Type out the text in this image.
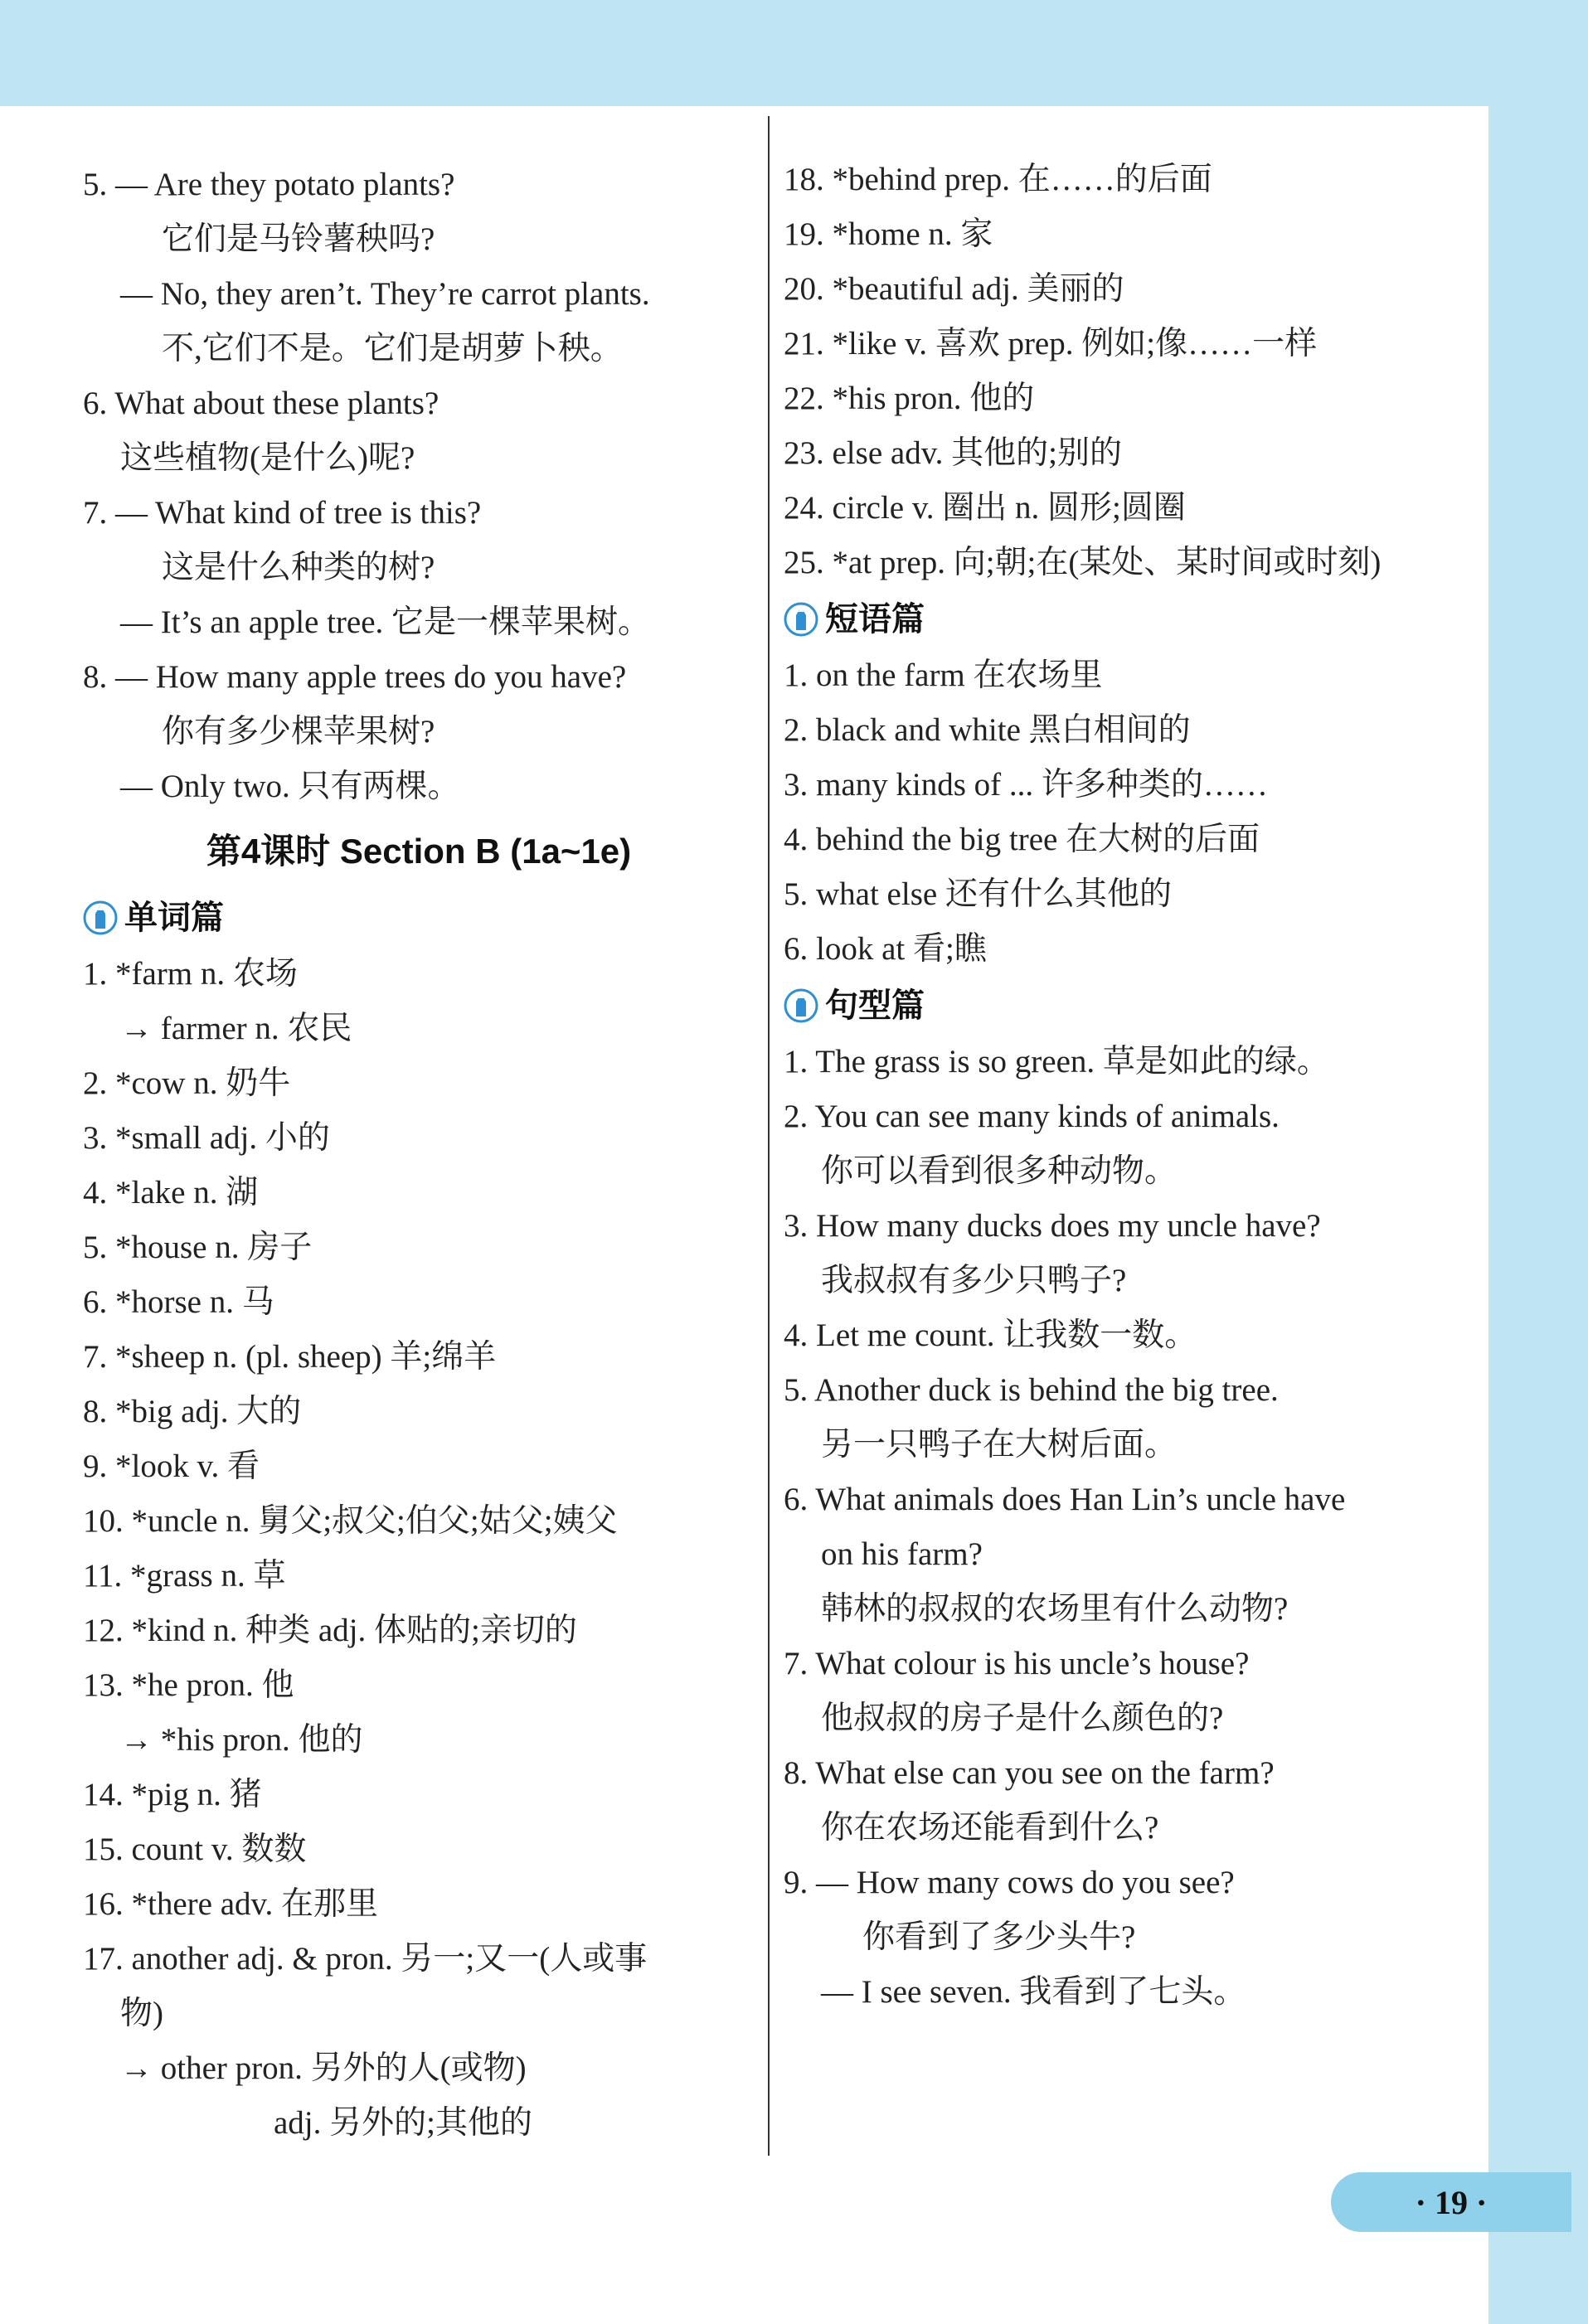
5. — Are they potato plants?
它们是马铃薯秧吗?
— No, they aren’t. They’re carrot plants.
不,它们不是。它们是胡萝卜秧。
6. What about these plants?
这些植物(是什么)呢?
7. — What kind of tree is this?
这是什么种类的树?
— It’s an apple tree. 它是一棵苹果树。
8. — How many apple trees do you have?
你有多少棵苹果树?
— Only two. 只有两棵。
第4课时 Section B (1a~1e)
单词篇
1. *farm n. 农场
→ farmer n. 农民
2. *cow n. 奶牛
3. *small adj. 小的
4. *lake n. 湖
5. *house n. 房子
6. *horse n. 马
7. *sheep n. (pl. sheep) 羊;绵羊
8. *big adj. 大的
9. *look v. 看
10. *uncle n. 舅父;叔父;伯父;姑父;姨父
11. *grass n. 草
12. *kind n. 种类 adj. 体贴的;亲切的
13. *he pron. 他
→ *his pron. 他的
14. *pig n. 猪
15. count v. 数数
16. *there adv. 在那里
17. another adj. & pron. 另一;又一(人或事
物)
→ other pron. 另外的人(或物)
adj. 另外的;其他的
18. *behind prep. 在……的后面
19. *home n. 家
20. *beautiful adj. 美丽的
21. *like v. 喜欢 prep. 例如;像……一样
22. *his pron. 他的
23. else adv. 其他的;别的
24. circle v. 圈出 n. 圆形;圆圈
25. *at prep. 向;朝;在(某处、某时间或时刻)
短语篇
1. on the farm 在农场里
2. black and white 黑白相间的
3. many kinds of ... 许多种类的……
4. behind the big tree 在大树的后面
5. what else 还有什么其他的
6. look at 看;瞧
句型篇
1. The grass is so green. 草是如此的绿。
2. You can see many kinds of animals.
你可以看到很多种动物。
3. How many ducks does my uncle have?
我叔叔有多少只鸭子?
4. Let me count. 让我数一数。
5. Another duck is behind the big tree.
另一只鸭子在大树后面。
6. What animals does Han Lin’s uncle have
on his farm?
韩林的叔叔的农场里有什么动物?
7. What colour is his uncle’s house?
他叔叔的房子是什么颜色的?
8. What else can you see on the farm?
你在农场还能看到什么?
9. — How many cows do you see?
你看到了多少头牛?
— I see seven. 我看到了七头。
· 19 ·
